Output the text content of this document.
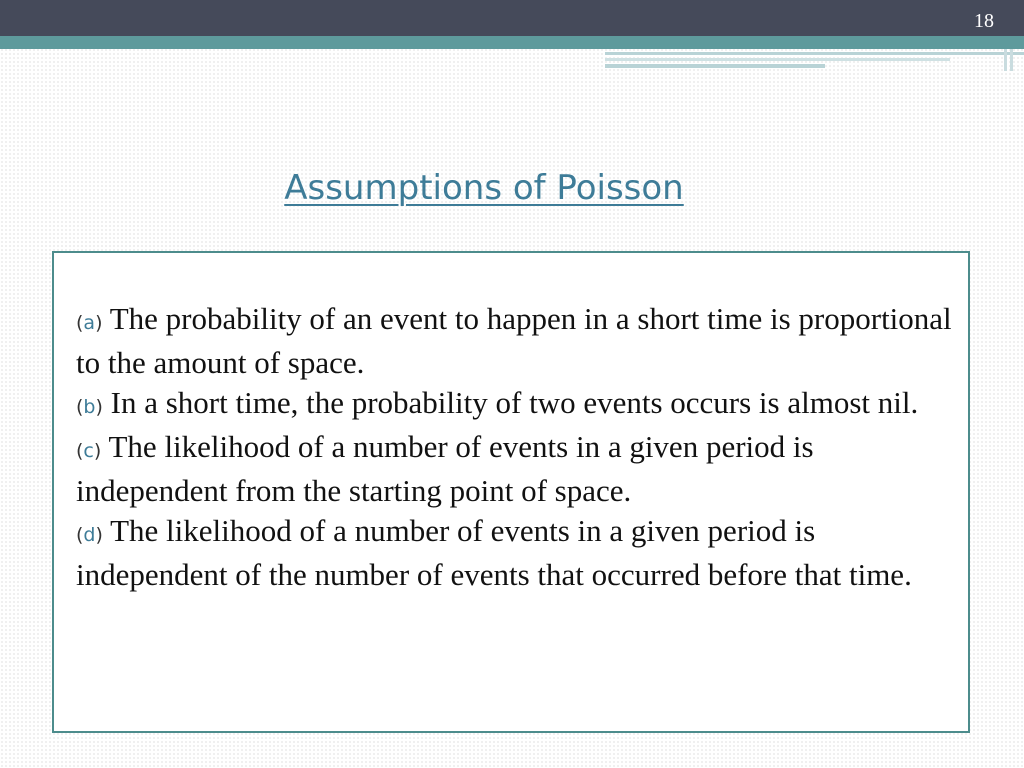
18
Assumptions of Poisson
(a) The probability of an event to happen in a short time is proportional to the amount of space.
(b) In a short time, the probability of two events occurs is almost nil.
(c) The likelihood of a number of events in a given period is independent from the starting point of space.
(d) The likelihood of a number of events in a given period is independent of the number of events that occurred before that time.
